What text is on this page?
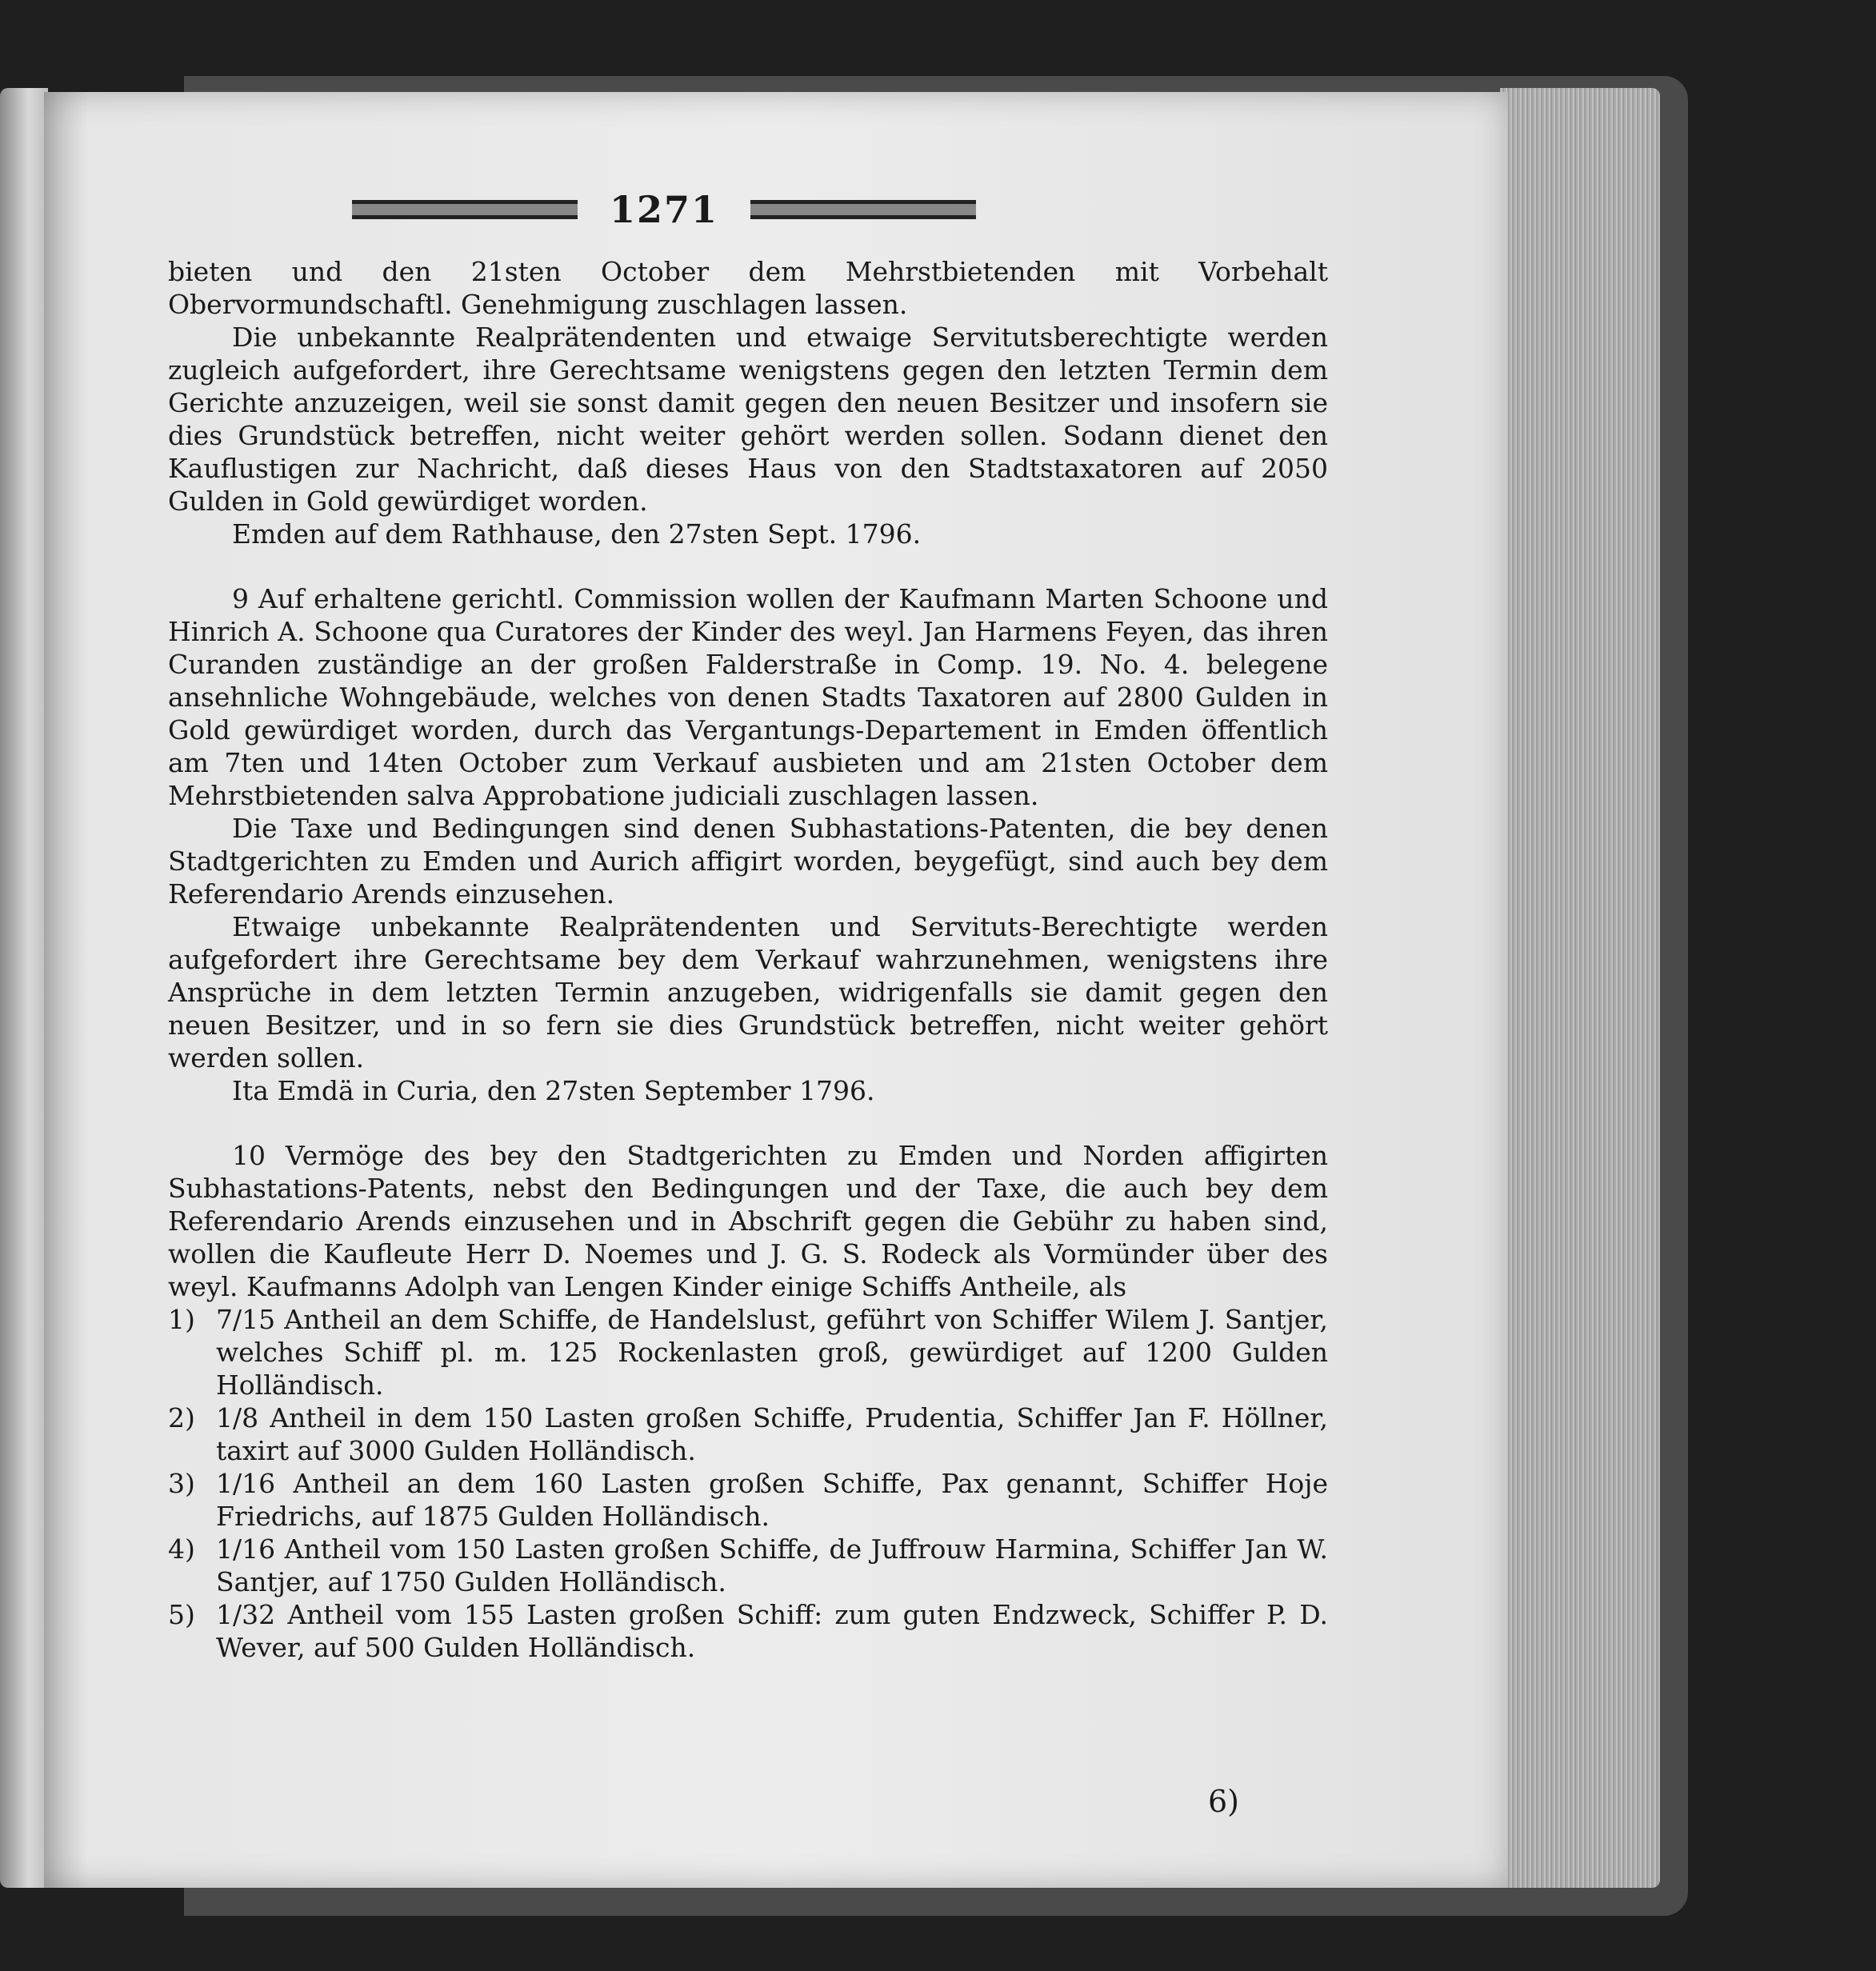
1271

bieten und den 21sten October dem Mehrstbietenden mit Vorbehalt Obervormundschaftl. Genehmigung zuschlagen lassen.

Die unbekannte Realprätendenten und etwaige Servitutsberechtigte werden zugleich aufgefordert, ihre Gerechtsame wenigstens gegen den letzten Termin dem Gerichte anzuzeigen, weil sie sonst damit gegen den neuen Besitzer und insofern sie dies Grundstück betreffen, nicht weiter gehört werden sollen. Sodann dienet den Kauflustigen zur Nachricht, daß dieses Haus von den Stadtstaxatoren auf 2050 Gulden in Gold gewürdiget worden.

Emden auf dem Rathhause, den 27sten Sept. 1796.

9 Auf erhaltene gerichtl. Commission wollen der Kaufmann Marten Schoone und Hinrich A. Schoone qua Curatores der Kinder des weyl. Jan Harmens Feyen, das ihren Curanden zuständige an der großen Falderstraße in Comp. 19. No. 4. belegene ansehnliche Wohngebäude, welches von denen Stadts Taxatoren auf 2800 Gulden in Gold gewürdiget worden, durch das Vergantungs-Departement in Emden öffentlich am 7ten und 14ten October zum Verkauf ausbieten und am 21sten October dem Mehrstbietenden salva Approbatione judiciali zuschlagen lassen.

Die Taxe und Bedingungen sind denen Subhastations-Patenten, die bey denen Stadtgerichten zu Emden und Aurich affigirt worden, beygefügt, sind auch bey dem Referendario Arends einzusehen.

Etwaige unbekannte Realprätendenten und Servituts-Berechtigte werden aufgefordert ihre Gerechtsame bey dem Verkauf wahrzunehmen, wenigstens ihre Ansprüche in dem letzten Termin anzugeben, widrigenfalls sie damit gegen den neuen Besitzer, und in so fern sie dies Grundstück betreffen, nicht weiter gehört werden sollen.

Ita Emdä in Curia, den 27sten September 1796.

10 Vermöge des bey den Stadtgerichten zu Emden und Norden affigirten Subhastations-Patents, nebst den Bedingungen und der Taxe, die auch bey dem Referendario Arends einzusehen und in Abschrift gegen die Gebühr zu haben sind, wollen die Kaufleute Herr D. Noemes und J. G. S. Rodeck als Vormünder über des weyl. Kaufmanns Adolph van Lengen Kinder einige Schiffs Antheile, als

1) 7/15 Antheil an dem Schiffe, de Handelslust, geführt von Schiffer Wilem J. Santjer, welches Schiff pl. m. 125 Rockenlasten groß, gewürdiget auf 1200 Gulden Holländisch.
2) 1/8 Antheil in dem 150 Lasten großen Schiffe, Prudentia, Schiffer Jan F. Höllner, taxirt auf 3000 Gulden Holländisch.
3) 1/16 Antheil an dem 160 Lasten großen Schiffe, Pax genannt, Schiffer Hoje Friedrichs, auf 1875 Gulden Holländisch.
4) 1/16 Antheil vom 150 Lasten großen Schiffe, de Juffrouw Harmina, Schiffer Jan W. Santjer, auf 1750 Gulden Holländisch.
5) 1/32 Antheil vom 155 Lasten großen Schiff: zum guten Endzweck, Schiffer P. D. Wever, auf 500 Gulden Holländisch.
6)
